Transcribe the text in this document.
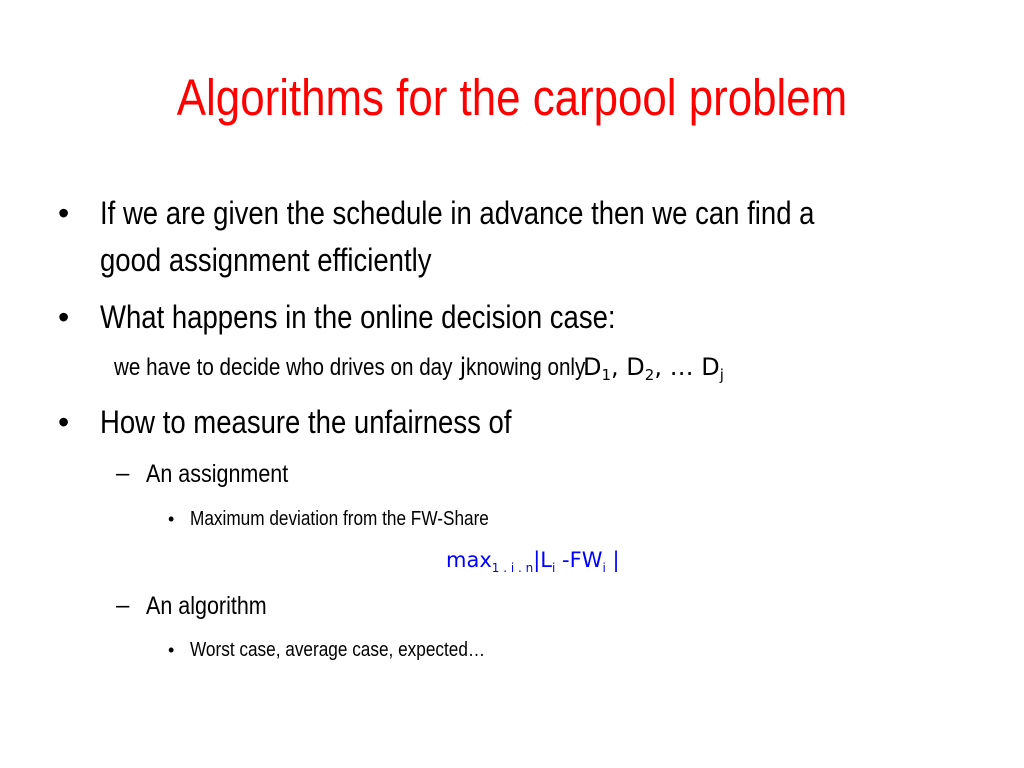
Algorithms for the carpool problem
• If we are given the schedule in advance then we can find a
good assignment efficiently
• What happens in the online decision case:
we have to decide who drives on dayjknowing onlyD$_1$, $D_2$, … $D_j$
• How to measure the unfairness of
– An assignment
• Maximum deviation from the FW-Share
$\max_{1 . i . n}|L_i$ $-FW_i$ |
– An algorithm
• Worst case, average case, expected…
